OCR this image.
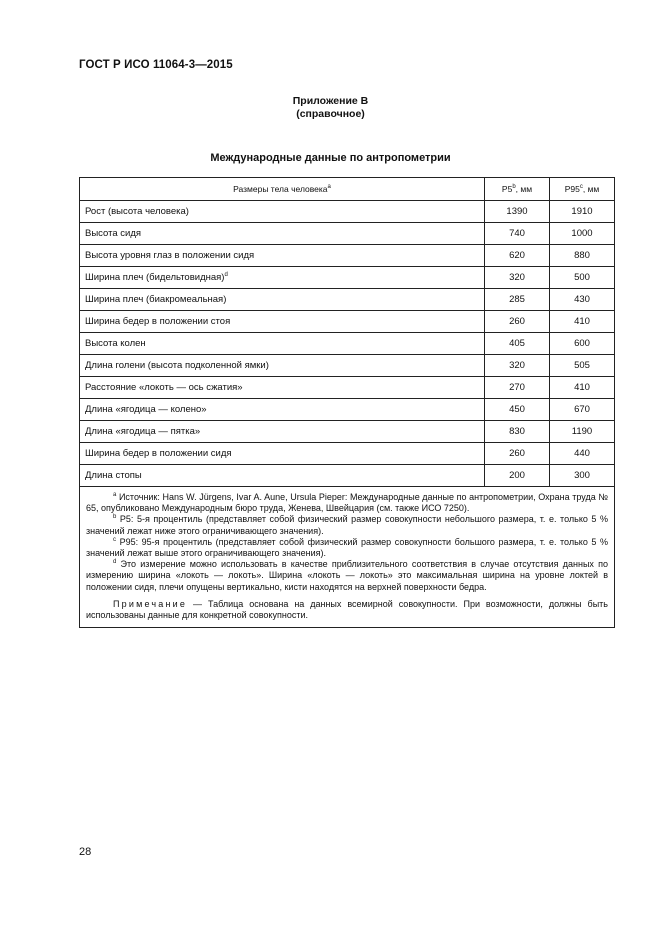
ГОСТ Р ИСО 11064-3—2015
Приложение В
(справочное)
Международные данные по антропометрии
Размеры тела человека$^a$	P5$^b$, мм	P95$^c$, мм
Рост (высота человека)	1390	1910
Высота сидя	740	1000
Высота уровня глаз в положении сидя	620	880
Ширина плеч (бидельтовидная)$^d$	320	500
Ширина плеч (биакромеальная)	285	430
Ширина бедер в положении стоя	260	410
Высота колен	405	600
Длина голени (высота подколенной ямки)	320	505
Расстояние «локоть — ось сжатия»	270	410
Длина «ягодица — колено»	450	670
Длина «ягодица — пятка»	830	1190
Ширина бедер в положении сидя	260	440
Длина стопы	200	300

$^a$ Источник: Hans W. Jürgens, Ivar A. Aune, Ursula Pieper: Международные данные по антропометрии, Охрана труда № 65, опубликовано Международным бюро труда, Женева, Швейцария (см. также ИСО 7250).

$^b$ P5: 5-я процентиль (представляет собой физический размер совокупности небольшого размера, т. е. только 5 % значений лежат ниже этого ограничивающего значения).

$^c$ P95: 95-я процентиль (представляет собой физический размер совокупности большого размера, т. е. только 5 % значений лежат выше этого ограничивающего значения).

$^d$ Это измерение можно использовать в качестве приблизительного соответствия в случае отсутствия данных по измерению ширина «локоть — локоть». Ширина «локоть — локоть» это максимальная ширина на уровне локтей в положении сидя, плечи опущены вертикально, кисти находятся на верхней поверхности бедра.

Примечание — Таблица основана на данных всемирной совокупности. При возможности, должны быть использованы данные для конкретной совокупности.		

28
